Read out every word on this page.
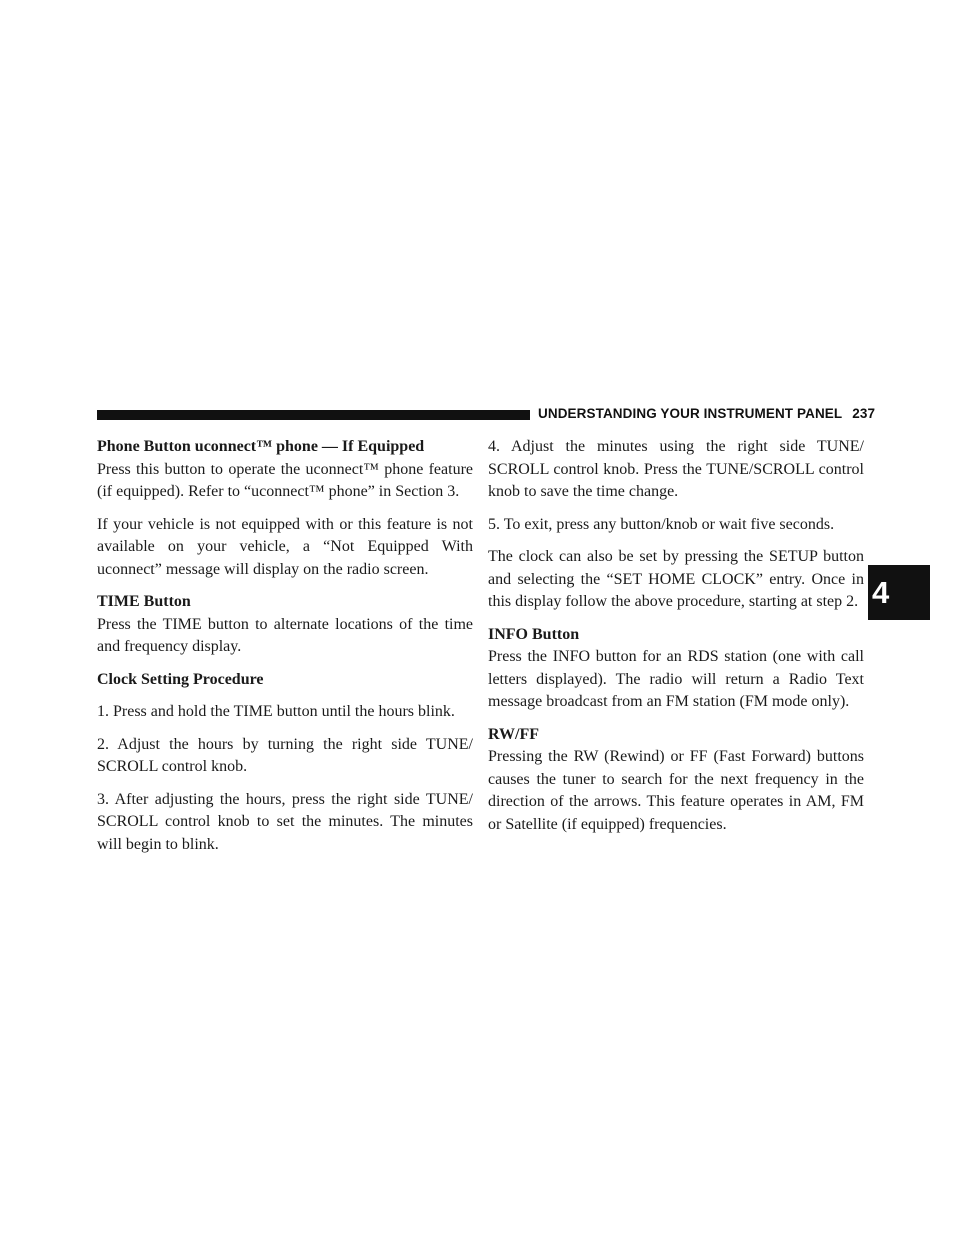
UNDERSTANDING YOUR INSTRUMENT PANEL 237
4

Phone Button uconnect™ phone — If Equipped

Press this button to operate the uconnect™ phone feature (if equipped). Refer to “uconnect™ phone” in Section 3.

If your vehicle is not equipped with or this feature is not available on your vehicle, a “Not Equipped With uconnect” message will display on the radio screen.

TIME Button

Press the TIME button to alternate locations of the time and frequency display.

Clock Setting Procedure

1. Press and hold the TIME button until the hours blink.

2. Adjust the hours by turning the right side TUNE/ SCROLL control knob.

3. After adjusting the hours, press the right side TUNE/ SCROLL control knob to set the minutes. The minutes will begin to blink.

4. Adjust the minutes using the right side TUNE/ SCROLL control knob. Press the TUNE/SCROLL control knob to save the time change.

5. To exit, press any button/knob or wait five seconds.

The clock can also be set by pressing the SETUP button and selecting the “SET HOME CLOCK” entry. Once in this display follow the above procedure, starting at step 2.

INFO Button

Press the INFO button for an RDS station (one with call letters displayed). The radio will return a Radio Text message broadcast from an FM station (FM mode only).

RW/FF

Pressing the RW (Rewind) or FF (Fast Forward) buttons causes the tuner to search for the next frequency in the direction of the arrows. This feature operates in AM, FM or Satellite (if equipped) frequencies.
